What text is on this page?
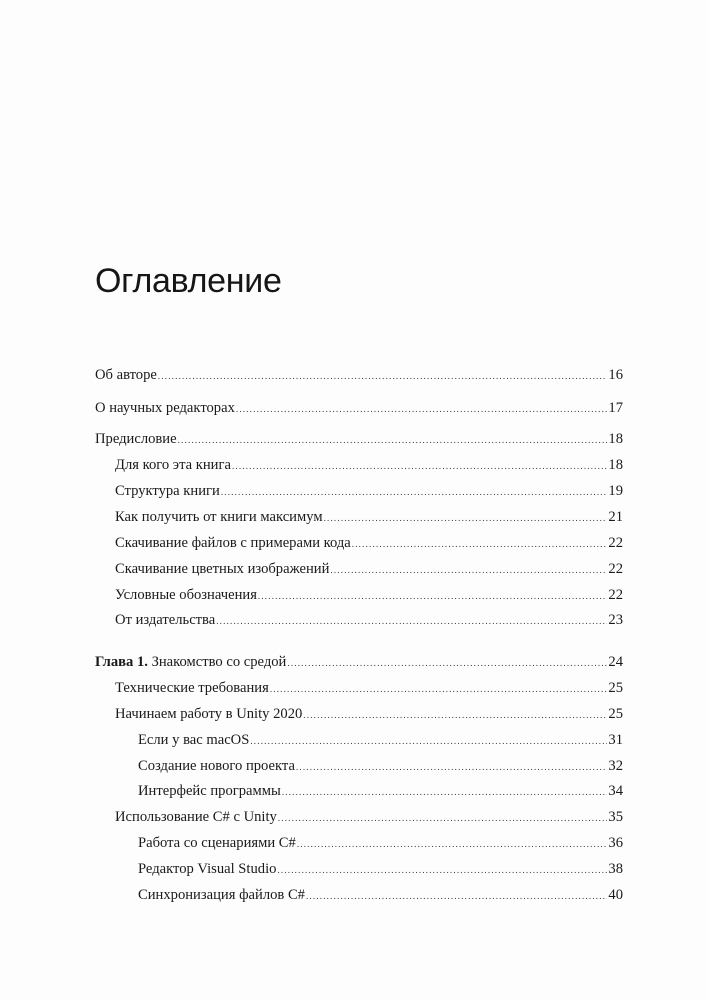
Оглавление
Об авторе .....	16
О научных редакторах .....	17
Предисловие .....	18
Для кого эта книга .....	18
Структура книги .....	19
Как получить от книги максимум .....	21
Скачивание файлов с примерами кода .....	22
Скачивание цветных изображений .....	22
Условные обозначения .....	22
От издательства .....	23
Глава 1. Знакомство со средой .....	24
Технические требования .....	25
Начинаем работу в Unity 2020 .....	25
Если у вас macOS .....	31
Создание нового проекта .....	32
Интерфейс программы .....	34
Использование C# с Unity .....	35
Работа со сценариями C# .....	36
Редактор Visual Studio .....	38
Синхронизация файлов C# .....	40
